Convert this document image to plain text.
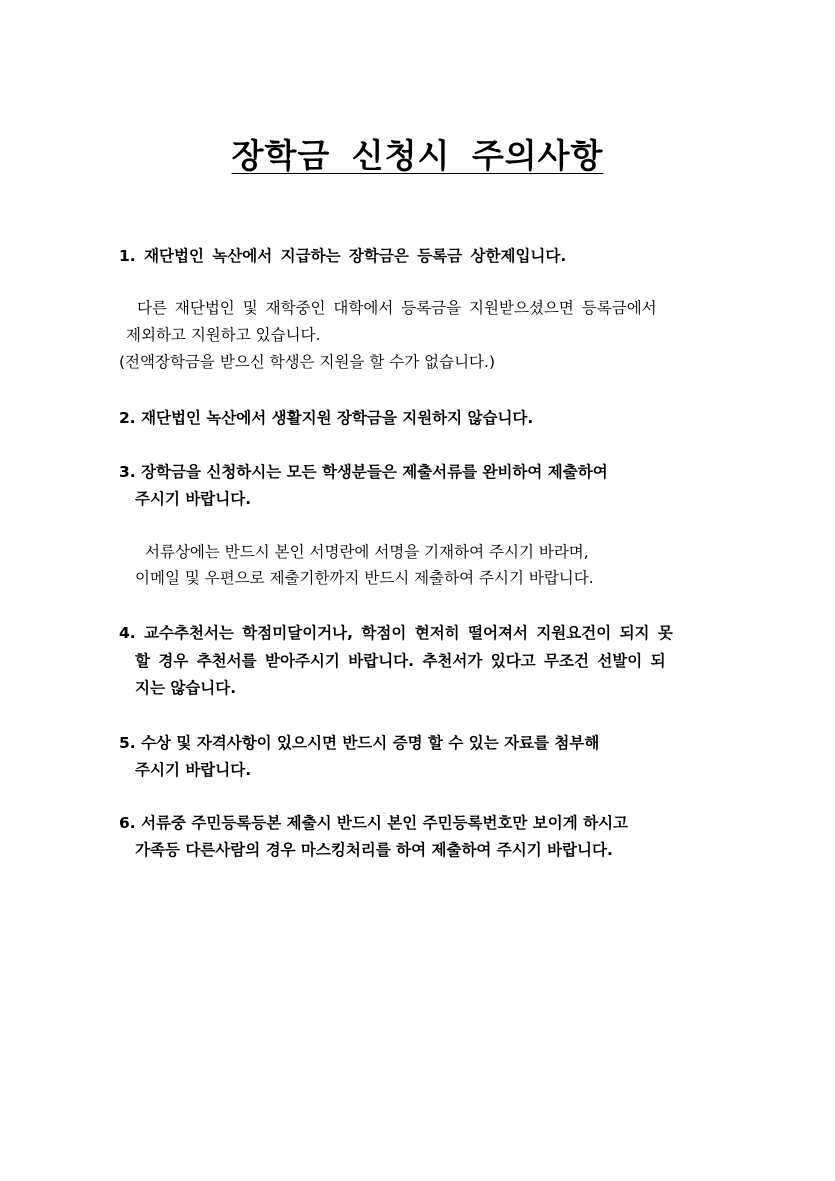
장학금 신청시 주의사항

1. 재단법인 녹산에서 지급하는 장학금은 등록금 상한제입니다.

다른 재단법인 및 재학중인 대학에서 등록금을 지원받으셨으면 등록금에서

제외하고 지원하고 있습니다.

(전액장학금을 받으신 학생은 지원을 할 수가 없습니다.)

2. 재단법인 녹산에서 생활지원 장학금을 지원하지 않습니다.

3. 장학금을 신청하시는 모든 학생분들은 제출서류를 완비하여 제출하여

주시기 바랍니다.

서류상에는 반드시 본인 서명란에 서명을 기재하여 주시기 바라며,

이메일 및 우편으로 제출기한까지 반드시 제출하여 주시기 바랍니다.

4. 교수추천서는 학점미달이거나, 학점이 현저히 떨어져서 지원요건이 되지 못

할 경우 추천서를 받아주시기 바랍니다. 추천서가 있다고 무조건 선발이 되

지는 않습니다.

5. 수상 및 자격사항이 있으시면 반드시 증명 할 수 있는 자료를 첨부해

주시기 바랍니다.

6. 서류중 주민등록등본 제출시 반드시 본인 주민등록번호만 보이게 하시고

가족등 다른사람의 경우 마스킹처리를 하여 제출하여 주시기 바랍니다.
